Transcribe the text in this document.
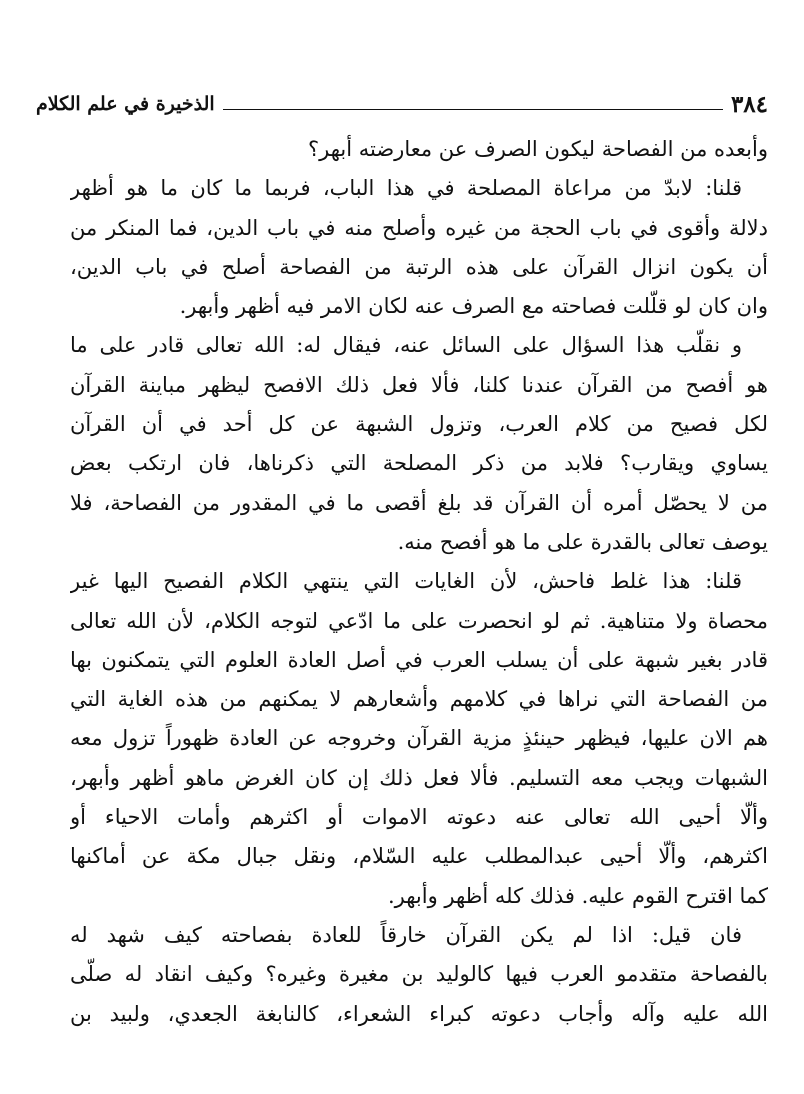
٣٨٤
الذخيرة في علم الكلام
وأبعده من الفصاحة ليكون الصرف عن معارضته أبهر؟
قلنا: لابدّ من مراعاة المصلحة في هذا الباب، فربما ما كان ما هو أظهر
دلالة وأقوى في باب الحجة من غيره وأصلح منه في باب الدين، فما المنكر من
أن يكون انزال القرآن على هذه الرتبة من الفصاحة أصلح في باب الدين،
وان كان لو قلّلت فصاحته مع الصرف عنه لكان الامر فيه أظهر وأبهر.
و نقلّب هذا السؤال على السائل عنه، فيقال له: الله تعالى قادر على ما
هو أفصح من القرآن عندنا كلنا، فألا فعل ذلك الافصح ليظهر مباينة القرآن
لكل فصيح من كلام العرب، وتزول الشبهة عن كل أحد في أن القرآن
يساوي ويقارب؟ فلابد من ذكر المصلحة التي ذكرناها، فان ارتكب بعض
من لا يحصّل أمره أن القرآن قد بلغ أقصى ما في المقدور من الفصاحة، فلا
يوصف تعالى بالقدرة على ما هو أفصح منه.
قلنا: هذا غلط فاحش، لأن الغايات التي ينتهي الكلام الفصيح اليها غير
محصاة ولا متناهية. ثم لو انحصرت على ما ادّعي لتوجه الكلام، لأن الله تعالى
قادر بغير شبهة على أن يسلب العرب في أصل العادة العلوم التي يتمكنون بها
من الفصاحة التي نراها في كلامهم وأشعارهم لا يمكنهم من هذه الغاية التي
هم الان عليها، فيظهر حينئذٍ مزية القرآن وخروجه عن العادة ظهوراً تزول معه
الشبهات ويجب معه التسليم. فألا فعل ذلك إن كان الغرض ماهو أظهر وأبهر،
وألّا أحيى الله تعالى عنه دعوته الاموات أو اكثرهم وأمات الاحياء أو
اكثرهم، وألّا أحيى عبدالمطلب عليه السّلام، ونقل جبال مكة عن أماكنها
كما اقترح القوم عليه. فذلك كله أظهر وأبهر.
فان قيل: اذا لم يكن القرآن خارقاً للعادة بفصاحته كيف شهد له
بالفصاحة متقدمو العرب فيها كالوليد بن مغيرة وغيره؟ وكيف انقاد له صلّى
الله عليه وآله وأجاب دعوته كبراء الشعراء، كالنابغة الجعدي، ولبيد بن
